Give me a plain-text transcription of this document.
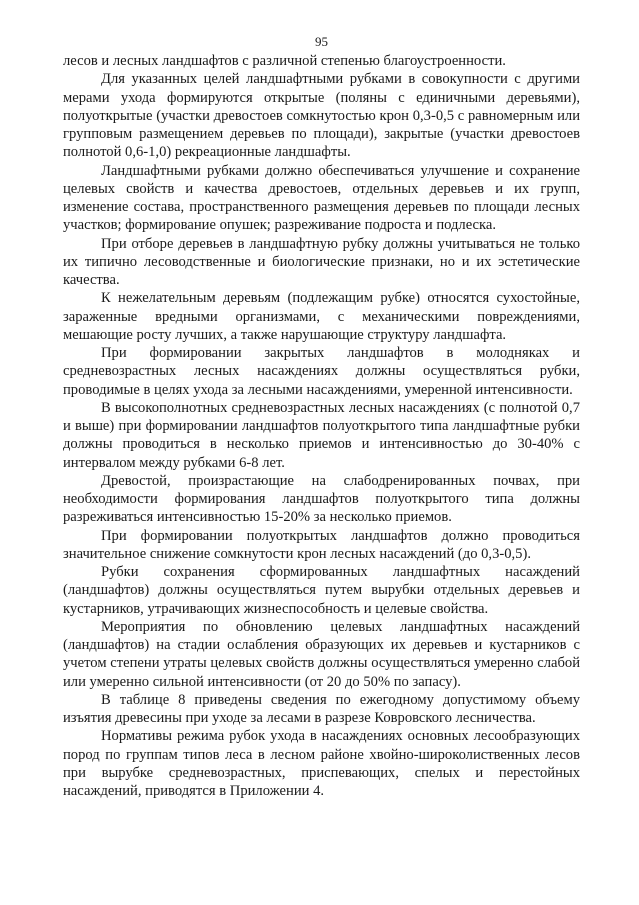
95

лесов и лесных ландшафтов с различной степенью благоустроенности.

Для указанных целей ландшафтными рубками в совокупности с другими мерами ухода формируются открытые (поляны с единичными деревьями), полуоткрытые (участки древостоев сомкнутостью крон 0,3-0,5 с равномерным или групповым размещением деревьев по площади), закрытые (участки древостоев полнотой 0,6-1,0) рекреационные ландшафты.

Ландшафтными рубками должно обеспечиваться улучшение и сохранение целевых свойств и качества древостоев, отдельных деревьев и их групп, изменение состава, пространственного размещения деревьев по площади лесных участков; формирование опушек; разреживание подроста и подлеска.

При отборе деревьев в ландшафтную рубку должны учитываться не только их типично лесоводственные и биологические признаки, но и их эстетические качества.

К нежелательным деревьям (подлежащим рубке) относятся сухостойные, зараженные вредными организмами, с механическими повреждениями, мешающие росту лучших, а также нарушающие структуру ландшафта.

При формировании закрытых ландшафтов в молодняках и средневозрастных лесных насаждениях должны осуществляться рубки, проводимые в целях ухода за лесными насаждениями, умеренной интенсивности.

В высокополнотных средневозрастных лесных насаждениях (с полнотой 0,7 и выше) при формировании ландшафтов полуоткрытого типа ландшафтные рубки должны проводиться в несколько приемов и интенсивностью до 30-40% с интервалом между рубками 6-8 лет.

Древостой, произрастающие на слабодренированных почвах, при необходимости формирования ландшафтов полуоткрытого типа должны разреживаться интенсивностью 15-20% за несколько приемов.

При формировании полуоткрытых ландшафтов должно проводиться значительное снижение сомкнутости крон лесных насаждений (до 0,3-0,5).

Рубки сохранения сформированных ландшафтных насаждений (ландшафтов) должны осуществляться путем вырубки отдельных деревьев и кустарников, утрачивающих жизнеспособность и целевые свойства.

Мероприятия по обновлению целевых ландшафтных насаждений (ландшафтов) на стадии ослабления образующих их деревьев и кустарников с учетом степени утраты целевых свойств должны осуществляться умеренно слабой или умеренно сильной интенсивности (от 20 до 50% по запасу).

В таблице 8 приведены сведения по ежегодному допустимому объему изъятия древесины при уходе за лесами в разрезе Ковровского лесничества.

Нормативы режима рубок ухода в насаждениях основных лесообразующих пород по группам типов леса в лесном районе хвойно-широколиственных лесов при вырубке средневозрастных, приспевающих, спелых и перестойных насаждений, приводятся в Приложении 4.
